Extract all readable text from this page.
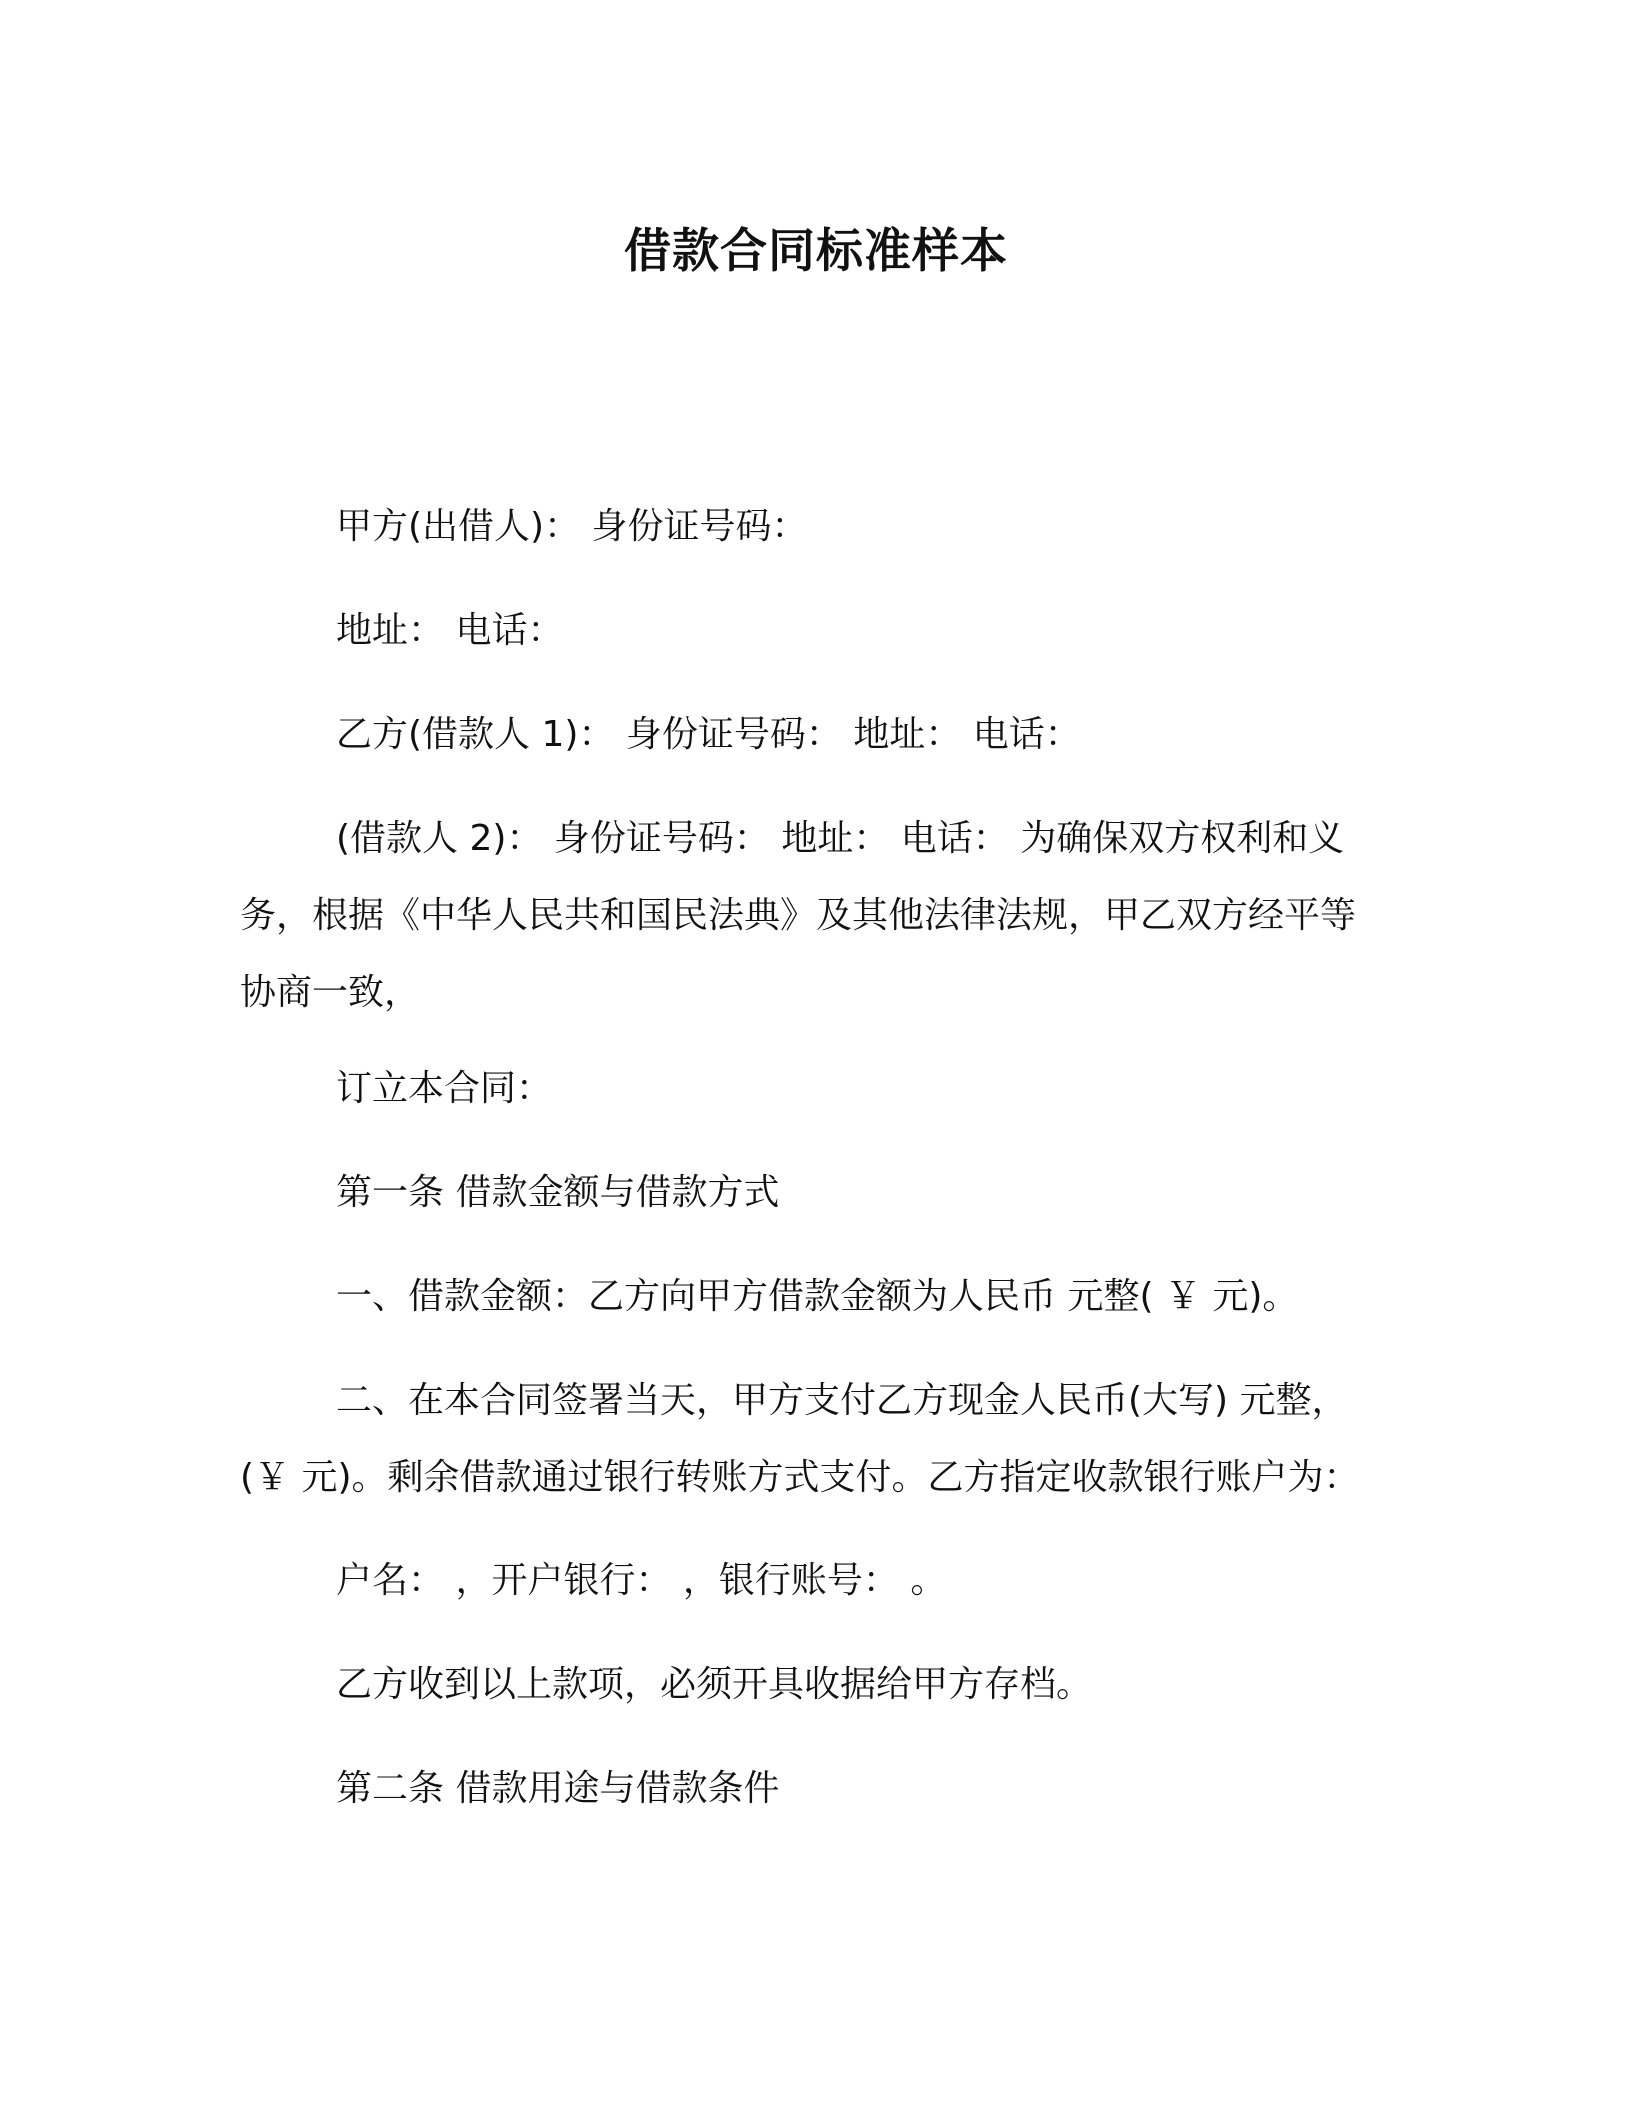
借款合同标准样本

甲方(出借人)： 身份证号码：

地址： 电话：

乙方(借款人 1)： 身份证号码： 地址： 电话：

(借款人 2)： 身份证号码： 地址： 电话： 为确保双方权利和义务，根据《中华人民共和国民法典》及其他法律法规，甲乙双方经平等协商一致，

订立本合同：

第一条 借款金额与借款方式

一、借款金额：乙方向甲方借款金额为人民币 元整( ￥ 元)。

二、在本合同签署当天，甲方支付乙方现金人民币(大写) 元整，(￥ 元)。剩余借款通过银行转账方式支付。乙方指定收款银行账户为：

户名： ，开户银行： ，银行账号： 。

乙方收到以上款项，必须开具收据给甲方存档。

第二条 借款用途与借款条件
